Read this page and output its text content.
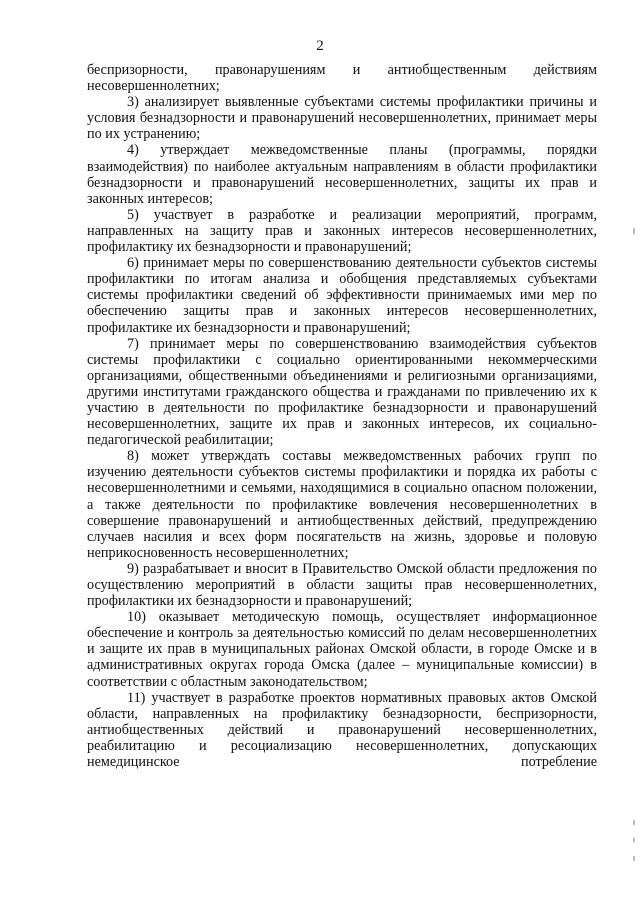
2

беспризорности, правонарушениям и антиобщественным действиям несовершеннолетних;

3) анализирует выявленные субъектами системы профилактики причины и условия безнадзорности и правонарушений несовершеннолетних, принимает меры по их устранению;

4) утверждает межведомственные планы (программы, порядки взаимодействия) по наиболее актуальным направлениям в области профилактики безнадзорности и правонарушений несовершеннолетних, защиты их прав и законных интересов;

5) участвует в разработке и реализации мероприятий, программ, направленных на защиту прав и законных интересов несовершеннолетних, профилактику их безнадзорности и правонарушений;

6) принимает меры по совершенствованию деятельности субъектов системы профилактики по итогам анализа и обобщения представляемых субъектами системы профилактики сведений об эффективности принимаемых ими мер по обеспечению защиты прав и законных интересов несовершеннолетних, профилактике их безнадзорности и правонарушений;

7) принимает меры по совершенствованию взаимодействия субъектов системы профилактики с социально ориентированными некоммерческими организациями, общественными объединениями и религиозными организациями, другими институтами гражданского общества и гражданами по привлечению их к участию в деятельности по профилактике безнадзорности и правонарушений несовершеннолетних, защите их прав и законных интересов, их социально-педагогической реабилитации;

8) может утверждать составы межведомственных рабочих групп по изучению деятельности субъектов системы профилактики и порядка их работы с несовершеннолетними и семьями, находящимися в социально опасном положении, а также деятельности по профилактике вовлечения несовершеннолетних в совершение правонарушений и антиобщественных действий, предупреждению случаев насилия и всех форм посягательств на жизнь, здоровье и половую неприкосновенность несовершеннолетних;

9) разрабатывает и вносит в Правительство Омской области предложения по осуществлению мероприятий в области защиты прав несовершеннолетних, профилактики их безнадзорности и правонарушений;

10) оказывает методическую помощь, осуществляет информационное обеспечение и контроль за деятельностью комиссий по делам несовершеннолетних и защите их прав в муниципальных районах Омской области, в городе Омске и в административных округах города Омска (далее – муниципальные комиссии) в соответствии с областным законодательством;

11) участвует в разработке проектов нормативных правовых актов Омской области, направленных на профилактику безнадзорности, беспризорности, антиобщественных действий и правонарушений несовершеннолетних, реабилитацию и ресоциализацию несовершеннолетних, допускающих немедицинское потребление
